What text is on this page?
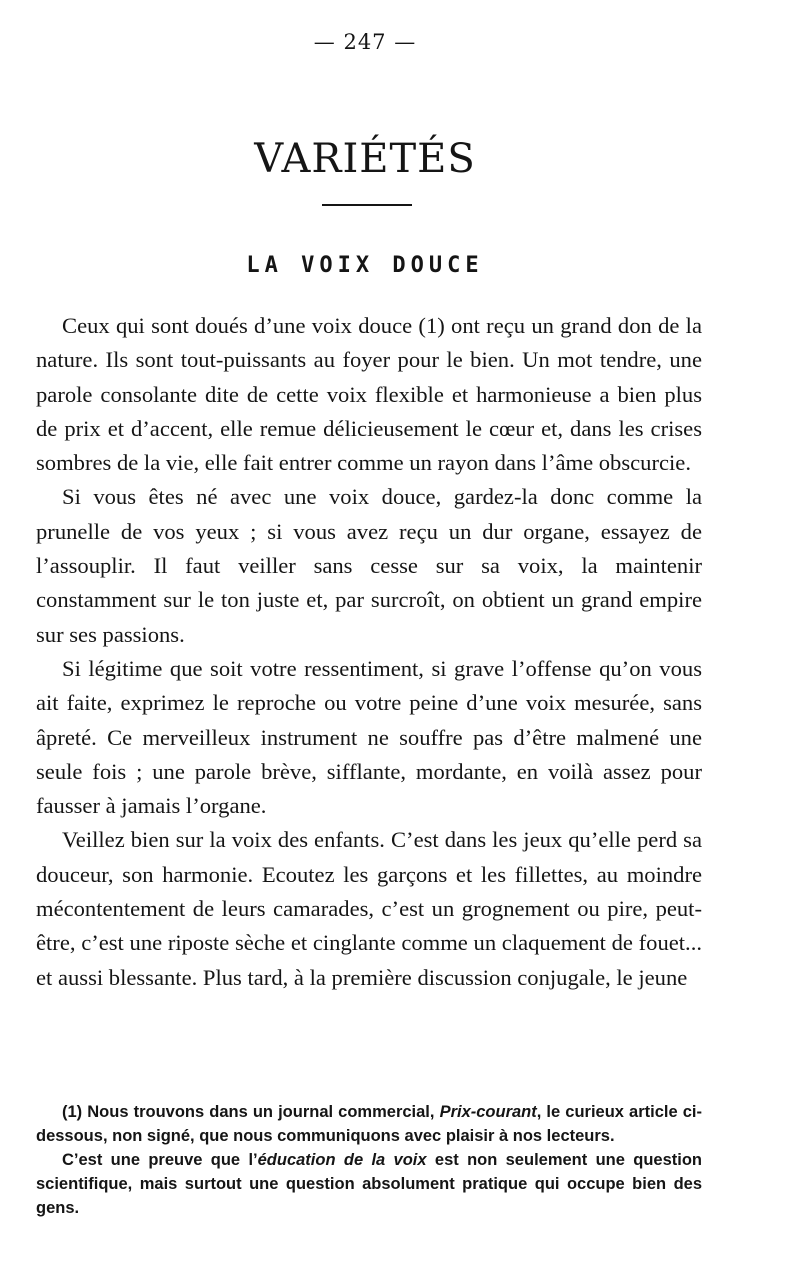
— 247 —
VARIÉTÉS
LA VOIX DOUCE

Ceux qui sont doués d’une voix douce (1) ont reçu un grand don de la nature. Ils sont tout-puissants au foyer pour le bien. Un mot tendre, une parole consolante dite de cette voix flexible et harmonieuse a bien plus de prix et d’accent, elle remue délicieusement le cœur et, dans les crises sombres de la vie, elle fait entrer comme un rayon dans l’âme obscurcie.

Si vous êtes né avec une voix douce, gardez-la donc comme la prunelle de vos yeux ; si vous avez reçu un dur organe, essayez de l’assouplir. Il faut veiller sans cesse sur sa voix, la maintenir constamment sur le ton juste et, par surcroît, on obtient un grand empire sur ses passions.

Si légitime que soit votre ressentiment, si grave l’offense qu’on vous ait faite, exprimez le reproche ou votre peine d’une voix mesurée, sans âpreté. Ce merveilleux instrument ne souffre pas d’être malmené une seule fois ; une parole brève, sifflante, mordante, en voilà assez pour fausser à jamais l’organe.

Veillez bien sur la voix des enfants. C’est dans les jeux qu’elle perd sa douceur, son harmonie. Ecoutez les garçons et les fillettes, au moindre mécontentement de leurs camarades, c’est un grognement ou pire, peut-être, c’est une riposte sèche et cinglante comme un claquement de fouet... et aussi blessante. Plus tard, à la première discussion conjugale, le jeune

(1) Nous trouvons dans un journal commercial, Prix-courant, le curieux article ci-dessous, non signé, que nous communiquons avec plaisir à nos lecteurs.

C’est une preuve que l’éducation de la voix est non seulement une question scientifique, mais surtout une question absolument pratique qui occupe bien des gens.
